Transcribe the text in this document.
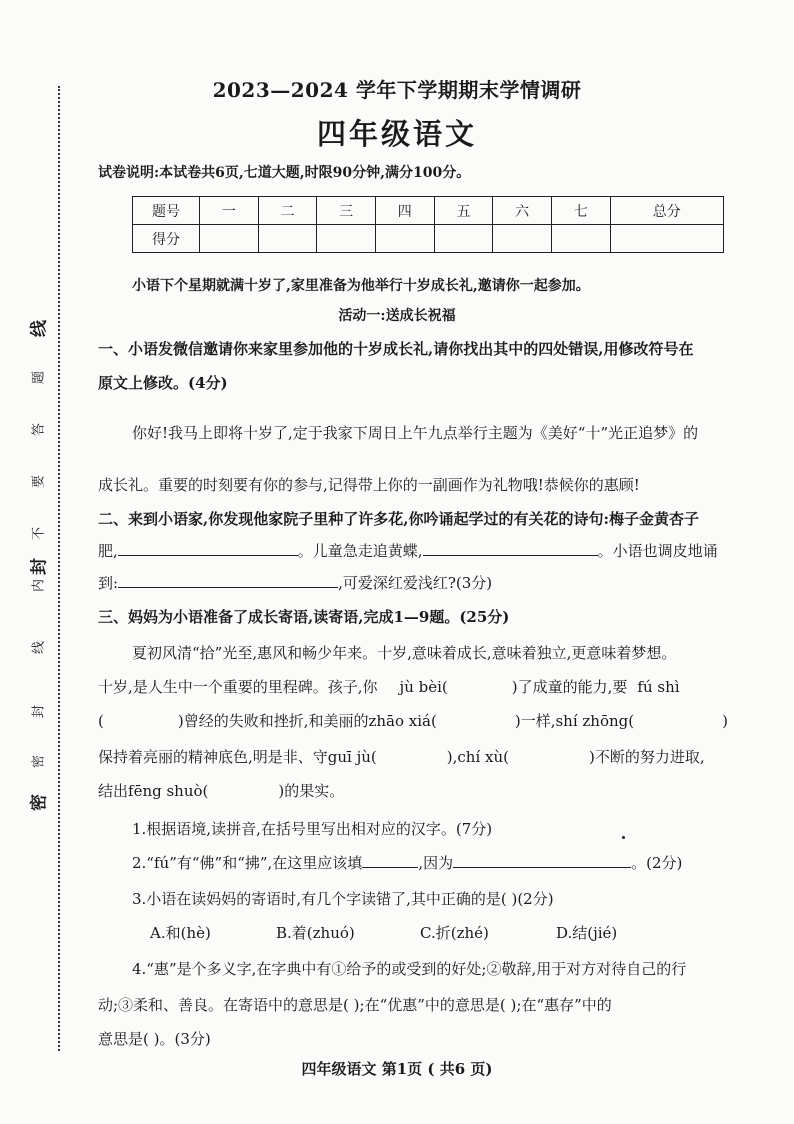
线
题
答
要
不
内
封
线
封
密
密
2023—2024 学年下学期期末学情调研
四年级语文
试卷说明:本试卷共6页,七道大题,时限90分钟,满分100分。
题号	一	二	三	四	五	六	七	总分
得分								
小语下个星期就满十岁了,家里准备为他举行十岁成长礼,邀请你一起参加。
活动一:送成长祝福
一、小语发微信邀请你来家里参加他的十岁成长礼,请你找出其中的四处错误,用修改符号在
原文上修改。(4分)
你好!我马上即将十岁了,定于我家下周日上午九点举行主题为《美好“十”光正追梦》的
成长礼。重要的时刻要有你的参与,记得带上你的一副画作为礼物哦!恭候你的惠顾!
二、来到小语家,你发现他家院子里种了许多花,你吟诵起学过的有关花的诗句:梅子金黄杏子
肥,	。儿童急走追黄蝶,	。小语也调皮地诵
到:	,可爱深红爱浅红?(3分)
三、妈妈为小语准备了成长寄语,读寄语,完成1—9题。(25分)
夏初风清“拾”光至,惠风和畅少年来。十岁,意味着成长,意味着独立,更意味着梦想。
十岁,是人生中一个重要的里程碑。孩子,你 jù bèi(	)了成童的能力,要 fú shì
(	)曾经的失败和挫折,和美丽的zhāo xiá(	)一样,shí zhōng(	)
保持着亮丽的精神底色,明是非、守guī jù(	),chí xù(	)不断的努力进取,
结出fēng shuò(	)的果实。
1.根据语境,读拼音,在括号里写出相对应的汉字。(7分)
2.“fú”有“佛”和“拂”,在这里应该填	,因为	。(2分)
3.小语在读妈妈的寄语时,有几个字读错了,其中正确的是( )(2分)
A.和(hè)	B.着(zhuó)	C.折(zhé)	D.结(jié)
4.“惠”是个多义字,在字典中有①给予的或受到的好处;②敬辞,用于对方对待自己的行
动;③柔和、善良。在寄语中的意思是( );在“优惠”中的意思是( );在“惠存”中的
意思是( )。(3分)
四年级语文 第1页 ( 共6 页)
